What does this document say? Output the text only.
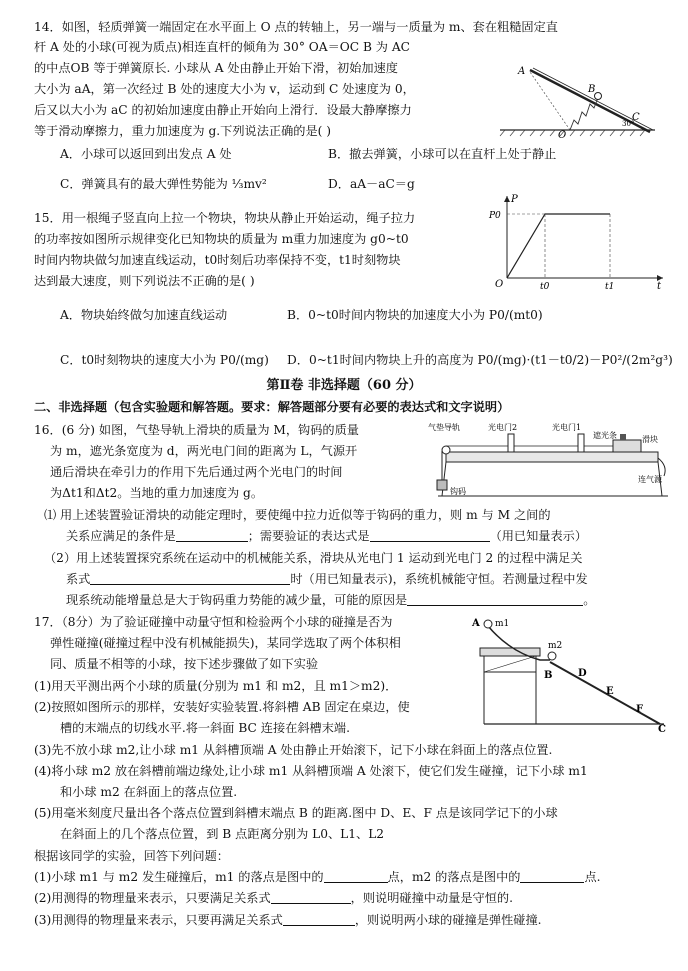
14．如图，轻质弹簧一端固定在水平面上 O 点的转轴上，另一端与一质量为 m、套在粗糙固定直
杆 A 处的小球(可视为质点)相连直杆的倾角为 30° OA＝OC B 为 AC
的中点OB 等于弹簧原长. 小球从 A 处由静止开始下滑，初始加速度
大小为 aA，第一次经过 B 处的速度大小为 v，运动到 C 处速度为 0，
后又以大小为 aC 的初始加速度由静止开始向上滑行．设最大静摩擦力
等于滑动摩擦力，重力加速度为 g.下列说法正确的是( )
A．小球可以返回到出发点 A 处	B．撤去弹簧，小球可以在直杆上处于静止
C．弹簧具有的最大弹性势能为 ⅓mv²	D．aA－aC＝g
A
B
C
O
30°
15．用一根绳子竖直向上拉一个物块，物块从静止开始运动，绳子拉力
的功率按如图所示规律变化已知物块的质量为 m重力加速度为 g0~t0
时间内物块做匀加速直线运动，t0时刻后功率保持不变，t1时刻物块
达到最大速度，则下列说法不正确的是( )
A．物块始终做匀加速直线运动	B．0~t0时间内物块的加速度大小为 P0/(mt0)
C．t0时刻物块的速度大小为 P0/(mg)	D．0~t1时间内物块上升的高度为 P0/(mg)·(t1－t0/2)－P0²/(2m²g³)
P
P0
O	t0	t1	t
第Ⅱ卷 非选择题（60 分）
二、非选择题（包含实验题和解答题。要求：解答题部分要有必要的表达式和文字说明）
16．(6 分) 如图，气垫导轨上滑块的质量为 M，钩码的质量
为 m，遮光条宽度为 d，两光电门间的距离为 L，气源开
通后滑块在牵引力的作用下先后通过两个光电门的时间
为Δt1和Δt2。当地的重力加速度为 g。
气垫导轨	光电门2	光电门1
遮光条	滑块
连气源
钩码
⑴ 用上述装置验证滑块的动能定理时，要使绳中拉力近似等于钩码的重力，则 m 与 M 之间的
关系应满足的条件是	；需要验证的表达式是	（用已知量表示）
（2）用上述装置探究系统在运动中的机械能关系，滑块从光电门 1 运动到光电门 2 的过程中满足关
系式	时（用已知量表示)，系统机械能守恒。若测量过程中发
现系统动能增量总是大于钩码重力势能的减少量，可能的原因是	。
17．（8分）为了验证碰撞中动量守恒和检验两个小球的碰撞是否为
弹性碰撞(碰撞过程中没有机械能损失)，某同学选取了两个体积相
同、质量不相等的小球，按下述步骤做了如下实验
(1)用天平测出两个小球的质量(分别为 m1 和 m2，且 m1＞m2)．
(2)按照如图所示的那样，安装好实验装置.将斜槽 AB 固定在桌边，使
槽的末端点的切线水平.将一斜面 BC 连接在斜槽末端.
(3)先不放小球 m2,让小球 m1 从斜槽顶端 A 处由静止开始滚下，记下小球在斜面上的落点位置.
(4)将小球 m2 放在斜槽前端边缘处,让小球 m1 从斜槽顶端 A 处滚下，使它们发生碰撞，记下小球 m1
和小球 m2 在斜面上的落点位置.
(5)用毫米刻度尺量出各个落点位置到斜槽末端点 B 的距离.图中 D、E、F 点是该同学记下的小球
在斜面上的几个落点位置，到 B 点距离分别为 L0、L1、L2
根据该同学的实验，回答下列问题：
(1)小球 m1 与 m2 发生碰撞后，m1 的落点是图中的	点，m2 的落点是图中的	点.
(2)用测得的物理量来表示，只要满足关系式	，则说明碰撞中动量是守恒的.
(3)用测得的物理量来表示，只要再满足关系式	，则说明两小球的碰撞是弹性碰撞.
A m1
m2
B	D
E
F
C
